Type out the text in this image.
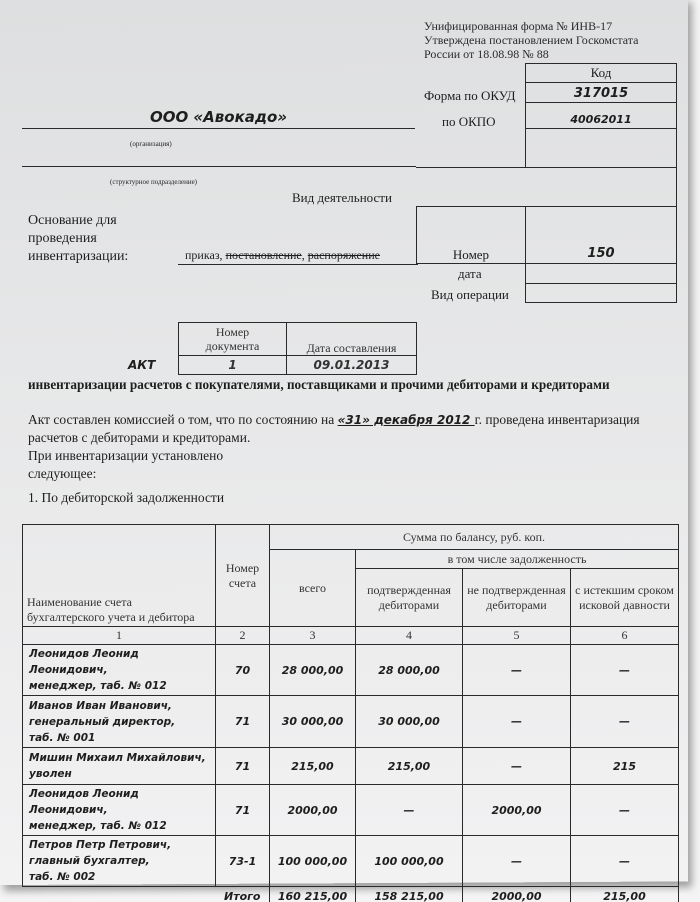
Унифицированная форма № ИНВ-17
Утверждена постановлением Госкомстата
России от 18.08.98 № 88
Код
317015
40062011
Форма по ОКУД
по ОКПО
ООО «Авокадо»
(организация)
(структурное подразделение)
Вид деятельности
Основание для
проведения
инвентаризации:	приказ, постановление, распоряжение	Номер	150
дата
Вид операции
АКТ
Номер
документа	Дата составления
1	09.01.2013
инвентаризации расчетов с покупателями, поставщиками и прочими дебиторами и кредиторами
Акт составлен комиссией о том, что по состоянию на «31» декабря 2012 г. проведена инвентаризация
расчетов с дебиторами и кредиторами.
При инвентаризации установлено
следующее:
1. По дебиторской задолженности
Наименование счета бухгалтерского учета и дебитора	Номер счета	Сумма по балансу, руб. коп.			
		всего	в том числе задолженность		
			подтвержденная дебиторами	не подтвержденная дебиторами	с истекшим сроком исковой давности
1	2	3	4	5	6

Леонидов Леонид Леонидович,
менеджер, таб. № 012	70	28 000,00	28 000,00	—	—

Иванов Иван Иванович,
генеральный директор,
таб. № 001	71	30 000,00	30 000,00	—	—

Мишин Михаил Михайлович,
уволен	71	215,00	215,00	—	215

Леонидов Леонид Леонидович,
менеджер, таб. № 012	71	2000,00	—	2000,00	—

Петров Петр Петрович,
главный бухгалтер,
таб. № 002	73-1	100 000,00	100 000,00	—	—
	Итого	160 215,00	158 215,00	2000,00	215,00
